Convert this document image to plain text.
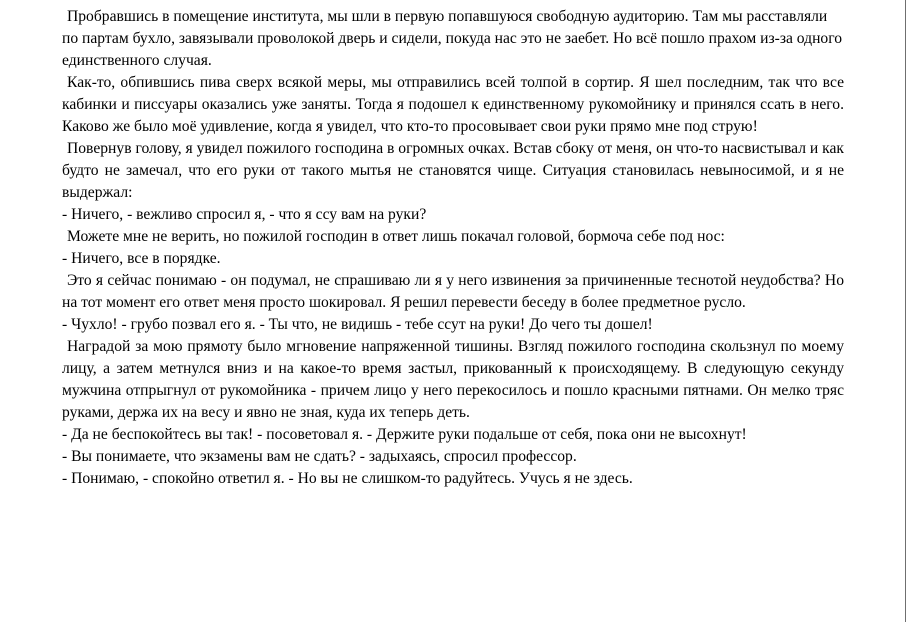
Пробравшись в помещение института, мы шли в первую попавшуюся свободную аудиторию. Там мы расставляли по партам бухло, завязывали проволокой дверь и сидели, покуда нас это не заебет. Но всё пошло прахом из-за одного единственного случая.

Как-то, обпившись пива сверх всякой меры, мы отправились всей толпой в сортир. Я шел последним, так что все кабинки и писсуары оказались уже заняты. Тогда я подошел к единственному рукомойнику и принялся ссать в него. Каково же было моё удивление, когда я увидел, что кто-то просовывает свои руки прямо мне под струю!

Повернув голову, я увидел пожилого господина в огромных очках. Встав сбоку от меня, он что-то насвистывал и как будто не замечал, что его руки от такого мытья не становятся чище. Ситуация становилась невыносимой, и я не выдержал:

- Ничего, - вежливо спросил я, - что я ссу вам на руки?

Можете мне не верить, но пожилой господин в ответ лишь покачал головой, бормоча себе под нос:

- Ничего, все в порядке.

Это я сейчас понимаю - он подумал, не спрашиваю ли я у него извинения за причиненные теснотой неудобства? Но на тот момент его ответ меня просто шокировал. Я решил перевести беседу в более предметное русло.

- Чухло! - грубо позвал его я. - Ты что, не видишь - тебе ссут на руки! До чего ты дошел!

Наградой за мою прямоту было мгновение напряженной тишины. Взгляд пожилого господина скользнул по моему лицу, а затем метнулся вниз и на какое-то время застыл, прикованный к происходящему. В следующую секунду мужчина отпрыгнул от рукомойника - причем лицо у него перекосилось и пошло красными пятнами. Он мелко тряс руками, держа их на весу и явно не зная, куда их теперь деть.

- Да не беспокойтесь вы так! - посоветовал я. - Держите руки подальше от себя, пока они не высохнут!

- Вы понимаете, что экзамены вам не сдать? - задыхаясь, спросил профессор.

- Понимаю, - спокойно ответил я. - Но вы не слишком-то радуйтесь. Учусь я не здесь.
